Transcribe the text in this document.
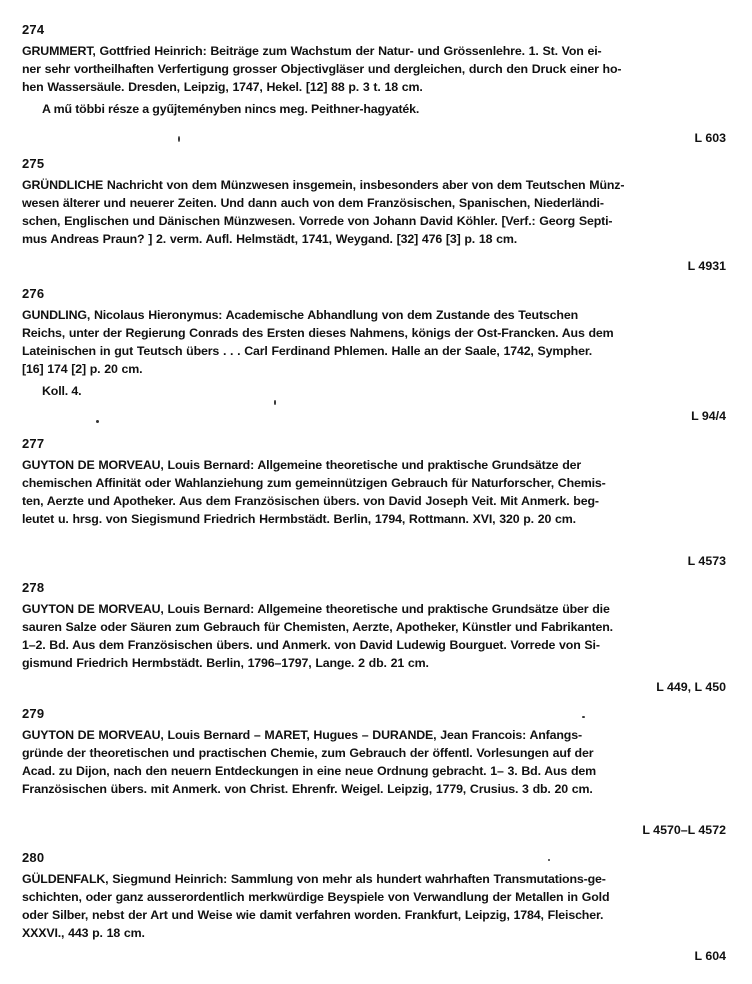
274
GRUMMERT, Gottfried Heinrich: Beiträge zum Wachstum der Natur- und Grössenlehre. 1. St. Von ei-
ner sehr vortheilhaften Verfertigung grosser Objectivgläser und dergleichen, durch den Druck einer ho-
hen Wassersäule. Dresden, Leipzig, 1747, Hekel. [12] 88 p. 3 t. 18 cm.
A mű többi része a gyűjteményben nincs meg. Peithner-hagyaték.
L 603
275
GRÜNDLICHE Nachricht von dem Münzwesen insgemein, insbesonders aber von dem Teutschen Münz-
wesen älterer und neuerer Zeiten. Und dann auch von dem Französischen, Spanischen, Niederländi-
schen, Englischen und Dänischen Münzwesen. Vorrede von Johann David Köhler. [Verf.: Georg Septi-
mus Andreas Praun? ] 2. verm. Aufl. Helmstädt, 1741, Weygand. [32] 476 [3] p. 18 cm.
L 4931
276
GUNDLING, Nicolaus Hieronymus: Academische Abhandlung von dem Zustande des Teutschen
Reichs, unter der Regierung Conrads des Ersten dieses Nahmens, königs der Ost-Francken. Aus dem
Lateinischen in gut Teutsch übers . . . Carl Ferdinand Phlemen. Halle an der Saale, 1742, Sympher.
[16] 174 [2] p. 20 cm.
Koll. 4.
L 94/4
277
GUYTON DE MORVEAU, Louis Bernard: Allgemeine theoretische und praktische Grundsätze der
chemischen Affinität oder Wahlanziehung zum gemeinnützigen Gebrauch für Naturforscher, Chemis-
ten, Aerzte und Apotheker. Aus dem Französischen übers. von David Joseph Veit. Mit Anmerk. beg-
leutet u. hrsg. von Siegismund Friedrich Hermbstädt. Berlin, 1794, Rottmann. XVI, 320 p. 20 cm.
L 4573
278
GUYTON DE MORVEAU, Louis Bernard: Allgemeine theoretische und praktische Grundsätze über die
sauren Salze oder Säuren zum Gebrauch für Chemisten, Aerzte, Apotheker, Künstler und Fabrikanten.
1–2. Bd. Aus dem Französischen übers. und Anmerk. von David Ludewig Bourguet. Vorrede von Si-
gismund Friedrich Hermbstädt. Berlin, 1796–1797, Lange. 2 db. 21 cm.
L 449, L 450
279
GUYTON DE MORVEAU, Louis Bernard – MARET, Hugues – DURANDE, Jean Francois: Anfangs-
gründe der theoretischen und practischen Chemie, zum Gebrauch der öffentl. Vorlesungen auf der
Acad. zu Dijon, nach den neuern Entdeckungen in eine neue Ordnung gebracht. 1– 3. Bd. Aus dem
Französischen übers. mit Anmerk. von Christ. Ehrenfr. Weigel. Leipzig, 1779, Crusius. 3 db. 20 cm.
L 4570–L 4572
280
GÜLDENFALK, Siegmund Heinrich: Sammlung von mehr als hundert wahrhaften Transmutations-ge-
schichten, oder ganz ausserordentlich merkwürdige Beyspiele von Verwandlung der Metallen in Gold
oder Silber, nebst der Art und Weise wie damit verfahren worden. Frankfurt, Leipzig, 1784, Fleischer.
XXXVI., 443 p. 18 cm.
L 604
